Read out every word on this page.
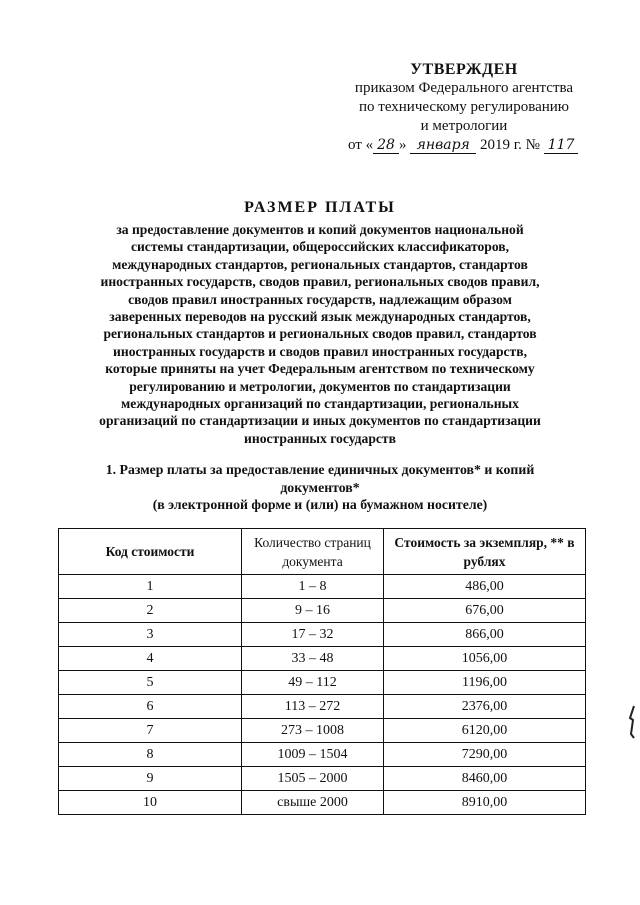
УТВЕРЖДЕН
приказом Федерального агентства
по техническому регулированию
и метрологии
от « 28 » января 2019 г. № 117
РАЗМЕР ПЛАТЫ
за предоставление документов и копий документов национальной
системы стандартизации, общероссийских классификаторов,
международных стандартов, региональных стандартов, стандартов
иностранных государств, сводов правил, региональных сводов правил,
сводов правил иностранных государств, надлежащим образом
заверенных переводов на русский язык международных стандартов,
региональных стандартов и региональных сводов правил, стандартов
иностранных государств и сводов правил иностранных государств,
которые приняты на учет Федеральным агентством по техническому
регулированию и метрологии, документов по стандартизации
международных организаций по стандартизации, региональных
организаций по стандартизации и иных документов по стандартизации
иностранных государств
1. Размер платы за предоставление единичных документов* и копий
документов*
(в электронной форме и (или) на бумажном носителе)
Код стоимости	Количество страниц документа	Стоимость за экземпляр, ** в рублях
1	1 – 8	486,00
2	9 – 16	676,00
3	17 – 32	866,00
4	33 – 48	1056,00
5	49 – 112	1196,00
6	113 – 272	2376,00
7	273 – 1008	6120,00
8	1009 – 1504	7290,00
9	1505 – 2000	8460,00
10	свыше 2000	8910,00
